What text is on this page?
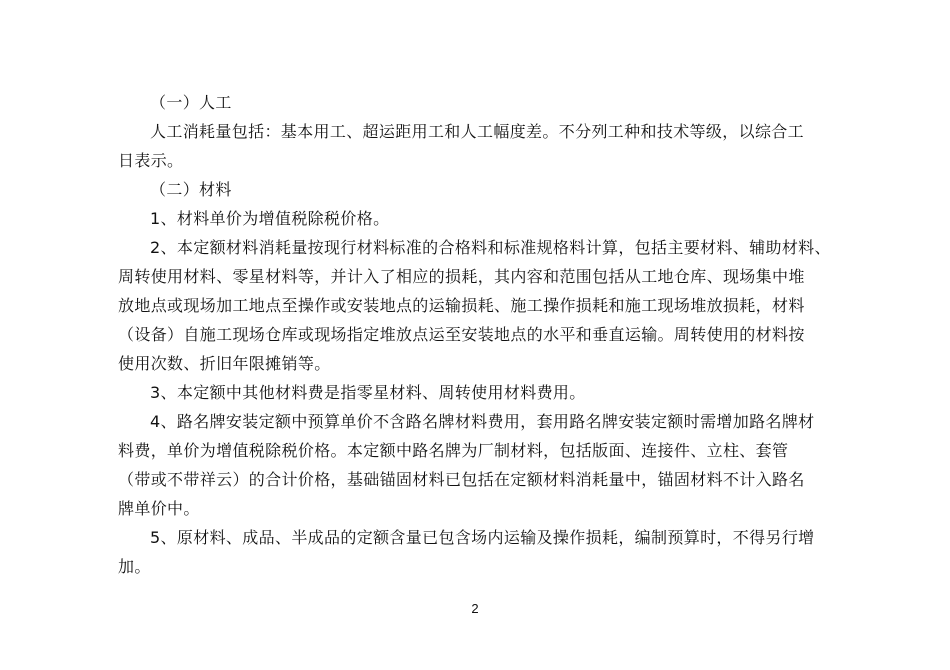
（一）人工
人工消耗量包括：基本用工、超运距用工和人工幅度差。不分列工种和技术等级，以综合工
日表示。
（二）材料
1、材料单价为增值税除税价格。
2、本定额材料消耗量按现行材料标准的合格料和标准规格料计算，包括主要材料、辅助材料、
周转使用材料、零星材料等，并计入了相应的损耗，其内容和范围包括从工地仓库、现场集中堆
放地点或现场加工地点至操作或安装地点的运输损耗、施工操作损耗和施工现场堆放损耗，材料
（设备）自施工现场仓库或现场指定堆放点运至安装地点的水平和垂直运输。周转使用的材料按
使用次数、折旧年限摊销等。
3、本定额中其他材料费是指零星材料、周转使用材料费用。
4、路名牌安装定额中预算单价不含路名牌材料费用，套用路名牌安装定额时需增加路名牌材
料费，单价为增值税除税价格。本定额中路名牌为厂制材料，包括版面、连接件、立柱、套管
（带或不带祥云）的合计价格，基础锚固材料已包括在定额材料消耗量中，锚固材料不计入路名
牌单价中。
5、原材料、成品、半成品的定额含量已包含场内运输及操作损耗，编制预算时，不得另行增
加。
2
